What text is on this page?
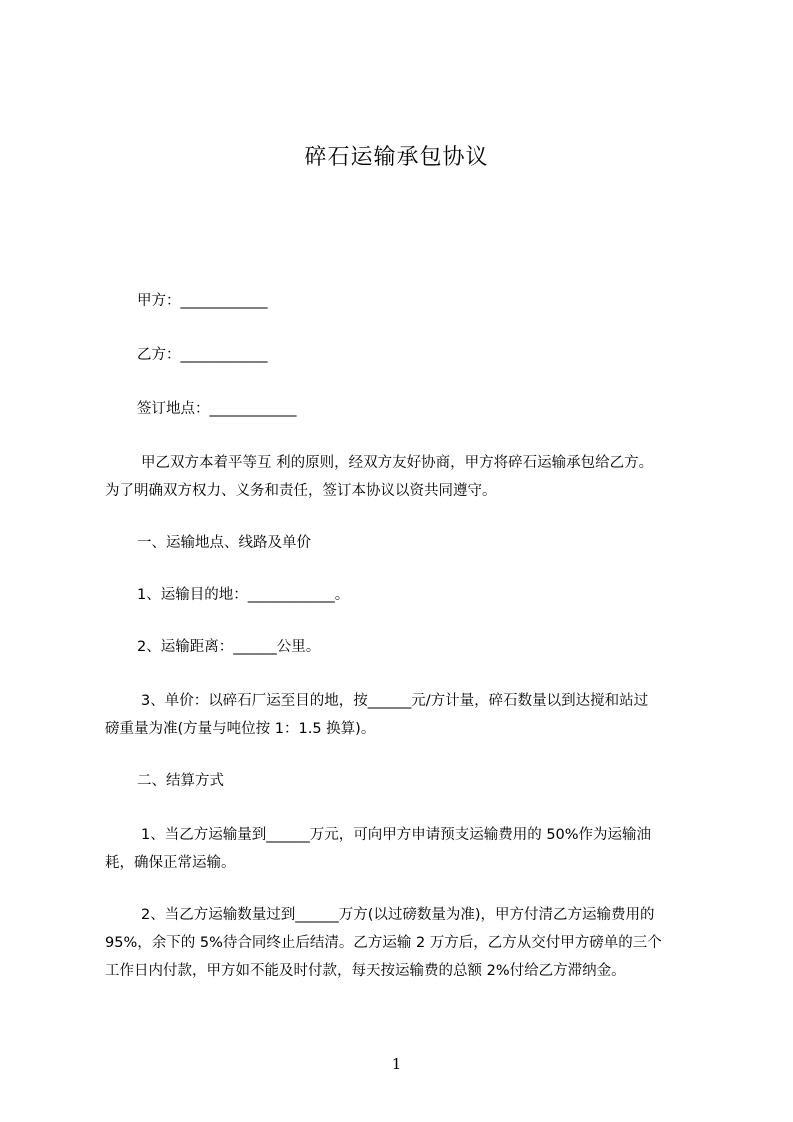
碎石运输承包协议
甲方：____________
乙方：____________
签订地点：____________
甲乙双方本着平等互 利的原则，经双方友好协商，甲方将碎石运输承包给乙方。
为了明确双方权力、义务和责任，签订本协议以资共同遵守。
一、运输地点、线路及单价
1、运输目的地：____________。
2、运输距离：______公里。
3、单价：以碎石厂运至目的地，按______元/方计量，碎石数量以到达搅和站过
磅重量为准(方量与吨位按 1：1.5 换算)。
二、结算方式
1、当乙方运输量到______万元，可向甲方申请预支运输费用的 50%作为运输油
耗，确保正常运输。
2、当乙方运输数量过到______万方(以过磅数量为准)，甲方付清乙方运输费用的
95%，余下的 5%待合同终止后结清。乙方运输 2 万方后，乙方从交付甲方磅单的三个
工作日内付款，甲方如不能及时付款，每天按运输费的总额 2%付给乙方滞纳金。
1
